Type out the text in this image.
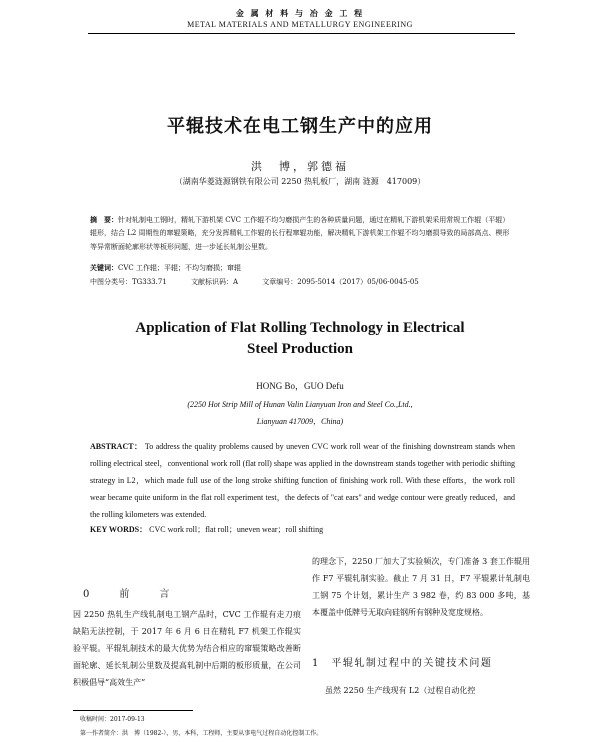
金 属 材 料 与 冶 金 工 程
METAL MATERIALS AND METALLURGY ENGINEERING
平辊技术在电工钢生产中的应用
洪　博，郭德福
（湖南华菱涟源钢铁有限公司 2250 热轧板厂，湖南 涟源　417009）
摘　要：针对轧制电工钢时，精轧下游机架 CVC 工作辊不均匀磨损产生的各种质量问题，通过在精轧下游机架采用常规工作辊（平辊）辊形，结合 L2 周期性的窜辊策略，充分发挥精轧工作辊的长行程窜辊功能，解决精轧下游机架工作辊不均匀磨损导致的局部高点、楔形等异常断面轮廓形状等板形问题，进一步延长轧制公里数。
关键词：CVC 工作辊；平辊；不均匀磨损；窜辊
中图分类号：TG333.71	文献标识码：A	文章编号：2095-5014（2017）05/06-0045-05
Application of Flat Rolling Technology in Electrical
Steel Production
HONG Bo，GUO Defu
(2250 Hot Strip Mill of Hunan Valin Lianyuan Iron and Steel Co.,Ltd.,
Lianyuan 417009，China)
ABSTRACT： To address the quality problems caused by uneven CVC work roll wear of the finishing downstream stands when rolling electrical steel，conventional work roll (flat roll) shape was applied in the downstream stands together with periodic shifting strategy in L2，which made full use of the long stroke shifting function of finishing work roll. With these efforts，the work roll wear became quite uniform in the flat roll experiment test，the defects of "cat ears" and wedge contour were greatly reduced，and the rolling kilometers was extended.
KEY WORDS： CVC work roll；flat roll；uneven wear；roll shifting
0　前　言
因 2250 热轧生产线轧制电工钢产品时，CVC 工作辊有走刀痕缺陷无法控制，于 2017 年 6 月 6 日在精轧 F7 机架工作辊实验平辊。平辊轧制技术的最大优势为结合相应的窜辊策略改善断面轮廓、延长轧制公里数及提高轧制中后期的板形质量，在公司积极倡导“高效生产”
的理念下，2250 厂加大了实验频次，专门准备 3 套工作辊用作 F7 平辊轧制实验。截止 7 月 31 日，F7 平辊累计轧制电工钢 75 个计划，累计生产 3 982 卷，约 83 000 多吨，基本覆盖中低牌号无取向硅钢所有钢种及宽度规格。
1　平辊轧制过程中的关键技术问题
虽然 2250 生产线现有 L2（过程自动化控
收稿时间：2017-09-13
第一作者简介：洪　博（1982-），男，本科，工程师，主要从事电气过程自动化控制工作。
